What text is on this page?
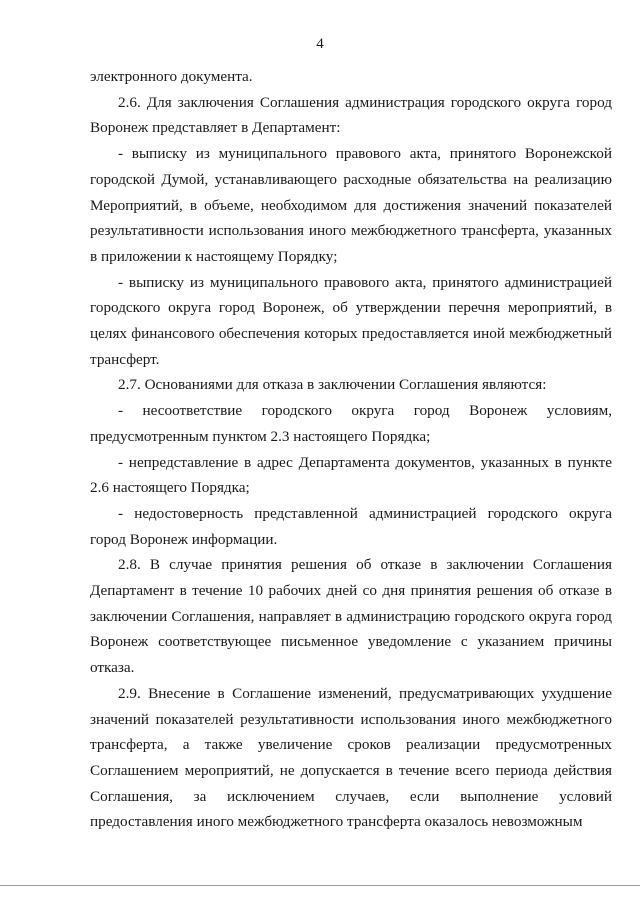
4

электронного документа.

2.6. Для заключения Соглашения администрация городского округа город Воронеж представляет в Департамент:

- выписку из муниципального правового акта, принятого Воронежской городской Думой, устанавливающего расходные обязательства на реализацию Мероприятий, в объеме, необходимом для достижения значений показателей результативности использования иного межбюджетного трансферта, указанных в приложении к настоящему Порядку;

- выписку из муниципального правового акта, принятого администрацией городского округа город Воронеж, об утверждении перечня мероприятий, в целях финансового обеспечения которых предоставляется иной межбюджетный трансферт.

2.7. Основаниями для отказа в заключении Соглашения являются:

- несоответствие городского округа город Воронеж условиям, предусмотренным пунктом 2.3 настоящего Порядка;

- непредставление в адрес Департамента документов, указанных в пункте 2.6 настоящего Порядка;

- недостоверность представленной администрацией городского округа город Воронеж информации.

2.8. В случае принятия решения об отказе в заключении Соглашения Департамент в течение 10 рабочих дней со дня принятия решения об отказе в заключении Соглашения, направляет в администрацию городского округа город Воронеж соответствующее письменное уведомление с указанием причины отказа.

2.9. Внесение в Соглашение изменений, предусматривающих ухудшение значений показателей результативности использования иного межбюджетного трансферта, а также увеличение сроков реализации предусмотренных Соглашением мероприятий, не допускается в течение всего периода действия Соглашения, за исключением случаев, если выполнение условий предоставления иного межбюджетного трансферта оказалось невозможным
